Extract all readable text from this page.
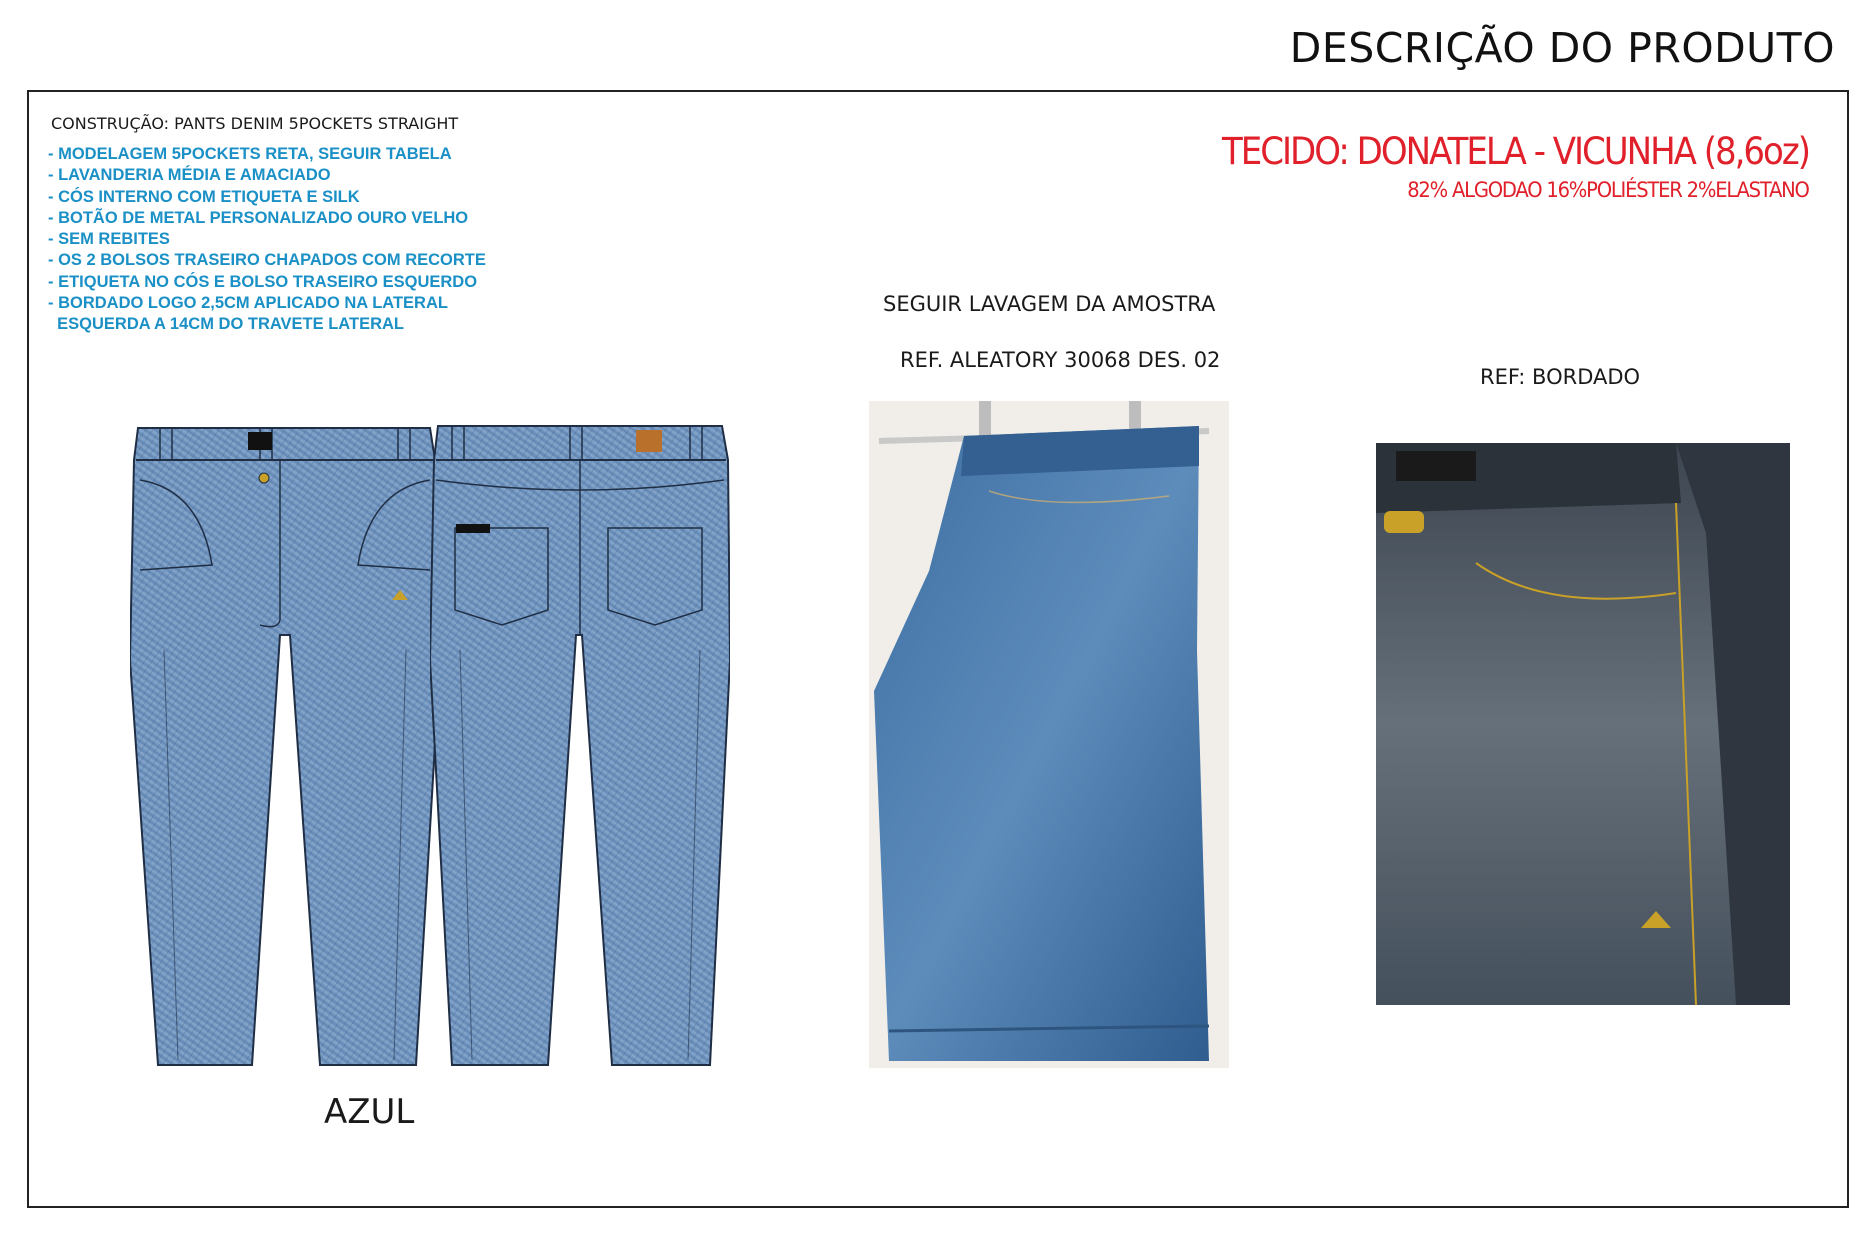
DESCRIÇÃO DO PRODUTO
CONSTRUÇÃO: PANTS DENIM 5POCKETS STRAIGHT
- MODELAGEM 5POCKETS RETA, SEGUIR TABELA
- LAVANDERIA MÉDIA E AMACIADO
- CÓS INTERNO COM ETIQUETA E SILK
- BOTÃO DE METAL PERSONALIZADO OURO VELHO
- SEM REBITES
- OS 2 BOLSOS TRASEIRO CHAPADOS COM RECORTE
- ETIQUETA NO CÓS E BOLSO TRASEIRO ESQUERDO
- BORDADO LOGO 2,5CM APLICADO NA LATERAL
ESQUERDA A 14CM DO TRAVETE LATERAL
TECIDO: DONATELA - VICUNHA (8,6oz)
82% ALGODAO 16%POLIÉSTER 2%ELASTANO
SEGUIR LAVAGEM DA AMOSTRA
REF. ALEATORY 30068 DES. 02
REF: BORDADO
AZUL
